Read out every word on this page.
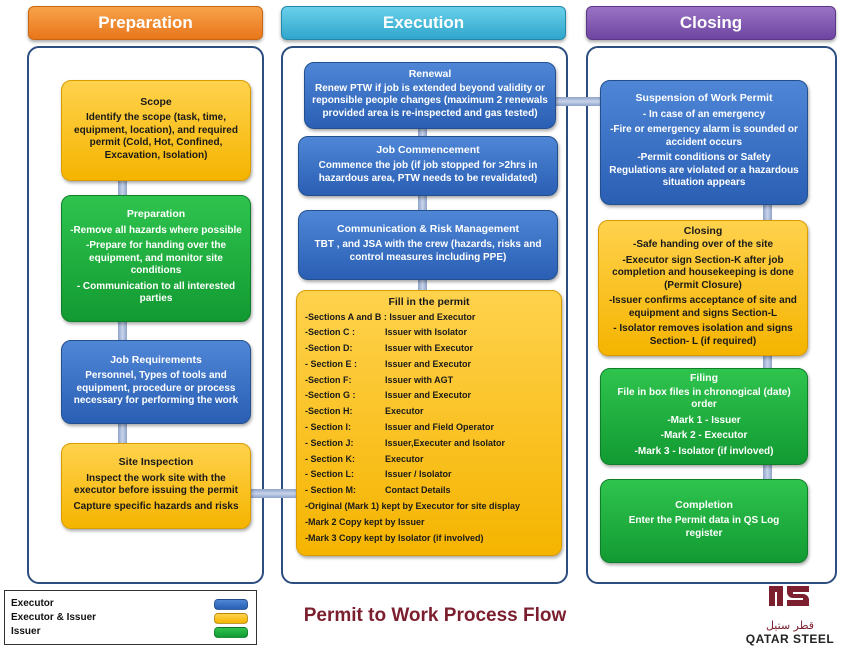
Preparation	Execution	Closing
Scope

Identify the scope (task, time, equipment, location), and required permit (Cold, Hot, Confined, Excavation, Isolation)

Preparation

-Remove all hazards where possible

-Prepare for handing over the equipment, and monitor site conditions

- Communication to all interested parties

Job Requirements

Personnel, Types of tools and equipment, procedure or process necessary for performing the work

Site Inspection

Inspect the work site with the executor before issuing the permit

Capture specific hazards and risks

Renewal

Renew PTW if job is extended beyond validity or reponsible people changes (maximum 2 renewals provided area is re-inspected and gas tested)

Job Commencement

Commence the job (if job stopped for >2hrs in hazardous area, PTW needs to be revalidated)

Communication & Risk Management

TBT , and JSA with the crew (hazards, risks and control measures including PPE)

Fill in the permit
-Sections A and B :
Issuer and Executor
-Section C :	Issuer with Isolator
-Section D:	Issuer with Executor
- Section E :	Issuer and Executor
-Section F:	Issuer with AGT
-Section G :	Issuer and Executor
-Section H:	Executor
- Section I:	Issuer and Field Operator
- Section J:	Issuer,Executer and Isolator
- Section K:	Executor
- Section L:	Issuer / Isolator
- Section M:	Contact Details
-Original (Mark 1) kept by Executor for site display
-Mark 2 Copy kept by Issuer
-Mark 3 Copy kept by Isolator (if involved)
Suspension of Work Permit

- In case of an emergency

-Fire or emergency alarm is sounded or accident occurs

-Permit conditions or Safety Regulations are violated or a hazardous situation appears

Closing

-Safe handing over of the site

-Executor sign Section-K after job completion and housekeeping is done (Permit Closure)

-Issuer confirms acceptance of site and equipment and signs Section-L

- Isolator removes isolation and signs Section- L (if required)

Filing

File in box files in chronogical (date) order

-Mark 1 - Issuer

-Mark 2 - Executor

-Mark 3 - Isolator (if invloved)

Completion

Enter the Permit data in QS Log register

Executor
Executor & Issuer
Issuer
Permit to Work Process Flow	قطر ستيل
QATAR STEEL
